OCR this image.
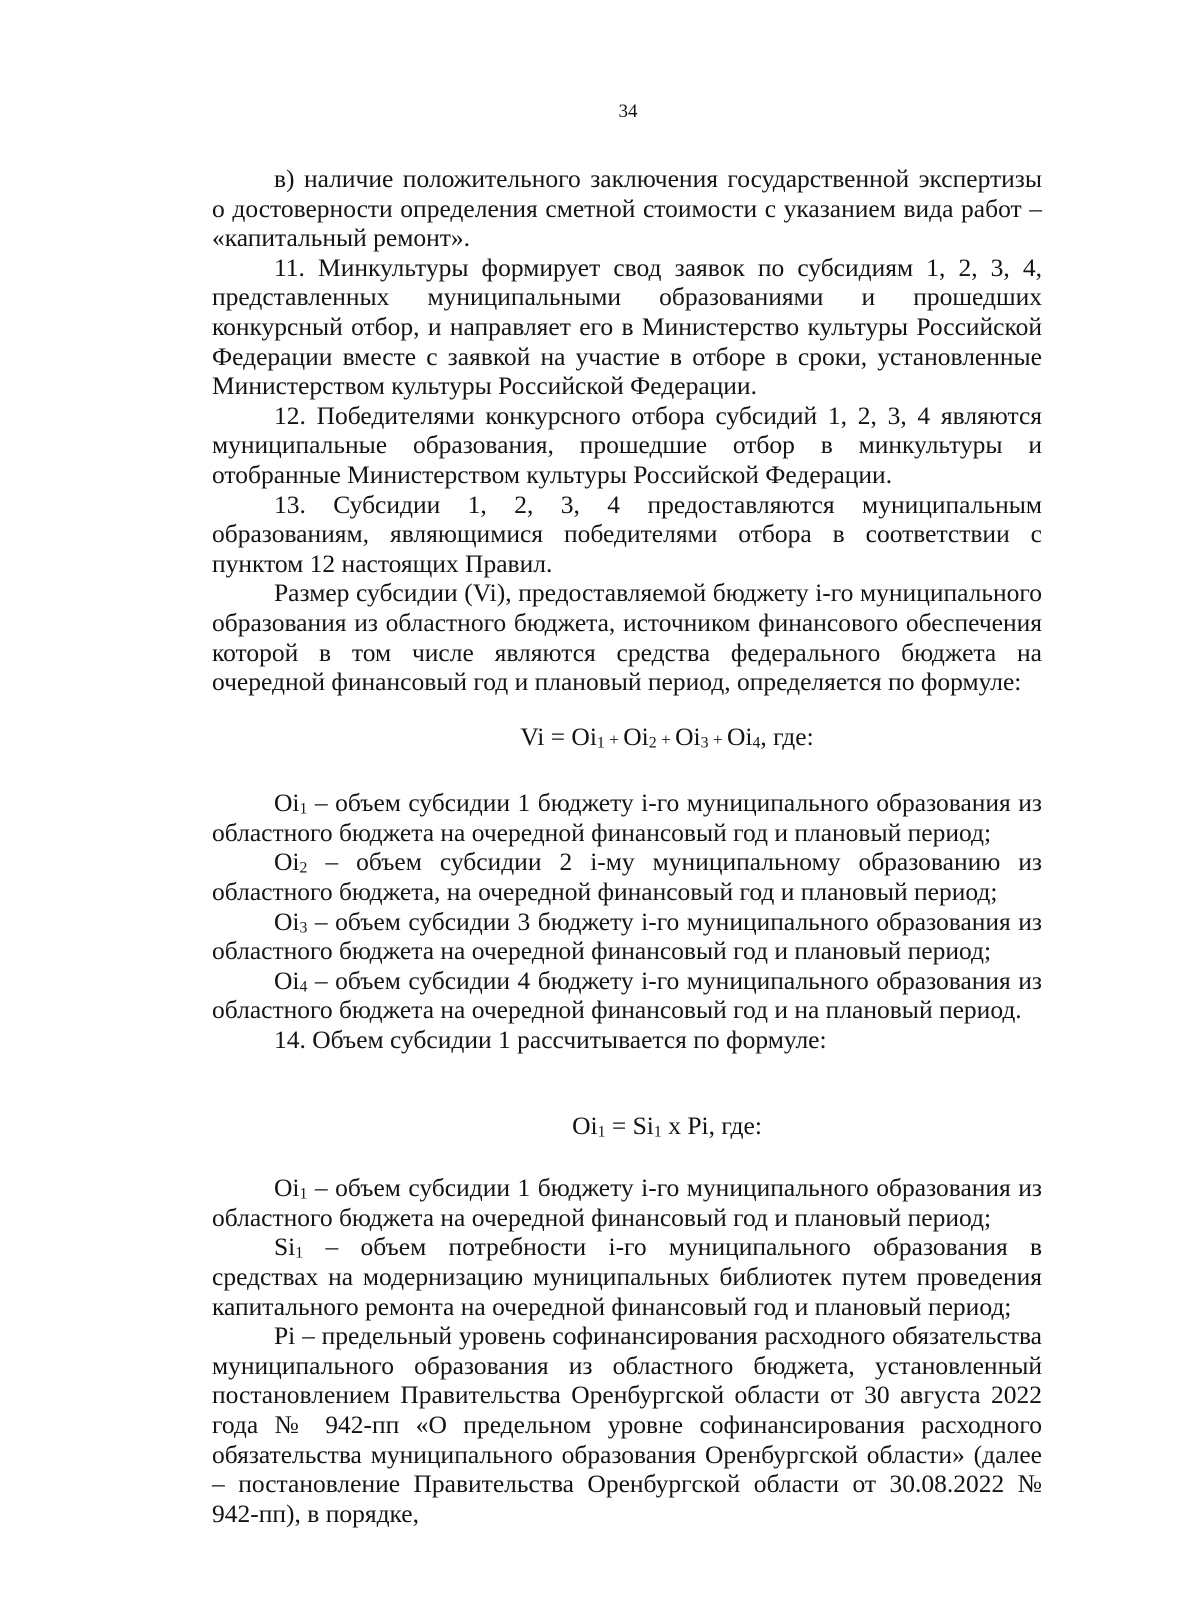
34

в) наличие положительного заключения государственной экспертизы о достоверности определения сметной стоимости с указанием вида работ – «капитальный ремонт».

11. Минкультуры формирует свод заявок по субсидиям 1, 2, 3, 4, представленных муниципальными образованиями и прошедших конкурсный отбор, и направляет его в Министерство культуры Российской Федерации вместе с заявкой на участие в отборе в сроки, установленные Министерством культуры Российской Федерации.

12. Победителями конкурсного отбора субсидий 1, 2, 3, 4 являются муниципальные образования, прошедшие отбор в минкультуры и отобранные Министерством культуры Российской Федерации.

13. Субсидии 1, 2, 3, 4 предоставляются муниципальным образованиям, являющимися победителями отбора в соответствии с пунктом 12 настоящих Правил.

Размер субсидии (Vi), предоставляемой бюджету i-го муниципального образования из областного бюджета, источником финансового обеспечения которой в том числе являются средства федерального бюджета на очередной финансовый год и плановый период, определяется по формуле:

$Vi = Oi_1 + Oi_2 + Oi_3 + Oi_4$, где:

$Oi_1$ – объем субсидии 1 бюджету i-го муниципального образования из областного бюджета на очередной финансовый год и плановый период;

$Oi_2$ – объем субсидии 2 i-му муниципальному образованию из областного бюджета, на очередной финансовый год и плановый период;

$Oi_3$ – объем субсидии 3 бюджету i-го муниципального образования из областного бюджета на очередной финансовый год и плановый период;

$Oi_4$ – объем субсидии 4 бюджету i-го муниципального образования из областного бюджета на очередной финансовый год и на плановый период.

14. Объем субсидии 1 рассчитывается по формуле:

$Oi_1 = Si_1$ x Pi, где:

$Oi_1$ – объем субсидии 1 бюджету i-го муниципального образования из областного бюджета на очередной финансовый год и плановый период;

$Si_1$ – объем потребности i-го муниципального образования в средствах на модернизацию муниципальных библиотек путем проведения капитального ремонта на очередной финансовый год и плановый период;

Pi – предельный уровень софинансирования расходного обязательства муниципального образования из областного бюджета, установленный постановлением Правительства Оренбургской области от 30 августа 2022 года № 942-пп «О предельном уровне софинансирования расходного обязательства муниципального образования Оренбургской области» (далее – постановление Правительства Оренбургской области от 30.08.2022 № 942-пп), в порядке,
